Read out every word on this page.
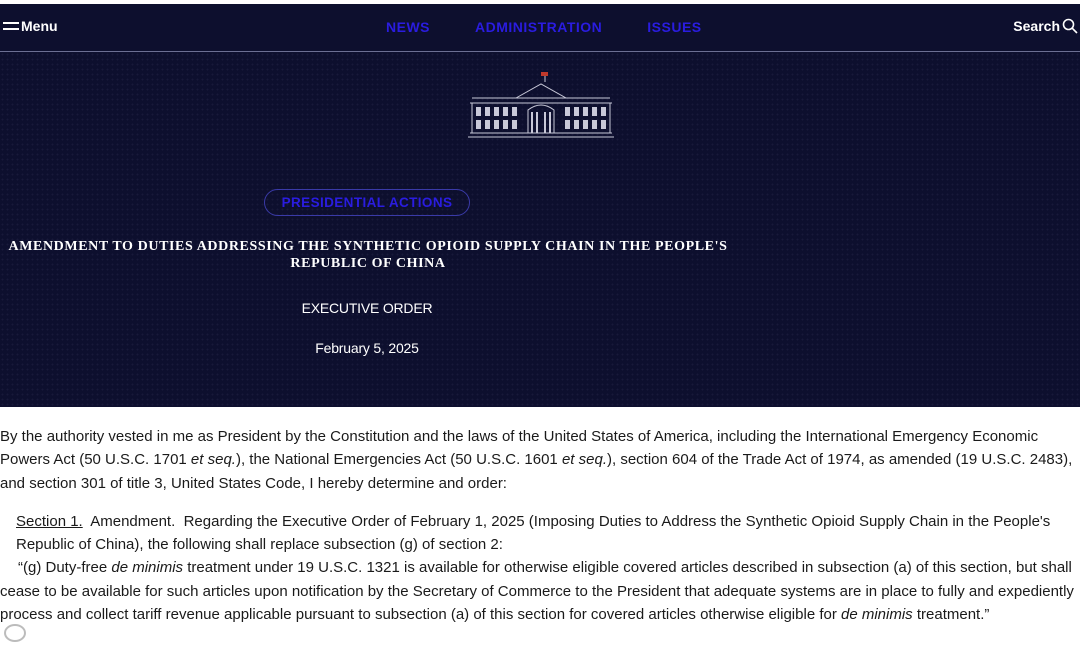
Menu	NEWS	ADMINISTRATION	ISSUES	Search
PRESIDENTIAL ACTIONS
AMENDMENT TO DUTIES ADDRESSING THE SYNTHETIC OPIOID SUPPLY CHAIN IN THE PEOPLE'S REPUBLIC OF CHINA
EXECUTIVE ORDER
February 5, 2025

By the authority vested in me as President by the Constitution and the laws of the United States of America, including the International Emergency Economic Powers Act (50 U.S.C. 1701 et seq.), the National Emergencies Act (50 U.S.C. 1601 et seq.), section 604 of the Trade Act of 1974, as amended (19 U.S.C. 2483), and section 301 of title 3, United States Code, I hereby determine and order:

Section 1.  Amendment.  Regarding the Executive Order of February 1, 2025 (Imposing Duties to Address the Synthetic Opioid Supply Chain in the People's Republic of China), the following shall replace subsection (g) of section 2:

“(g) Duty-free de minimis treatment under 19 U.S.C. 1321 is available for otherwise eligible covered articles described in subsection (a) of this section, but shall cease to be available for such articles upon notification by the Secretary of Commerce to the President that adequate systems are in place to fully and expediently process and collect tariff revenue applicable pursuant to subsection (a) of this section for covered articles otherwise eligible for de minimis treatment.”
